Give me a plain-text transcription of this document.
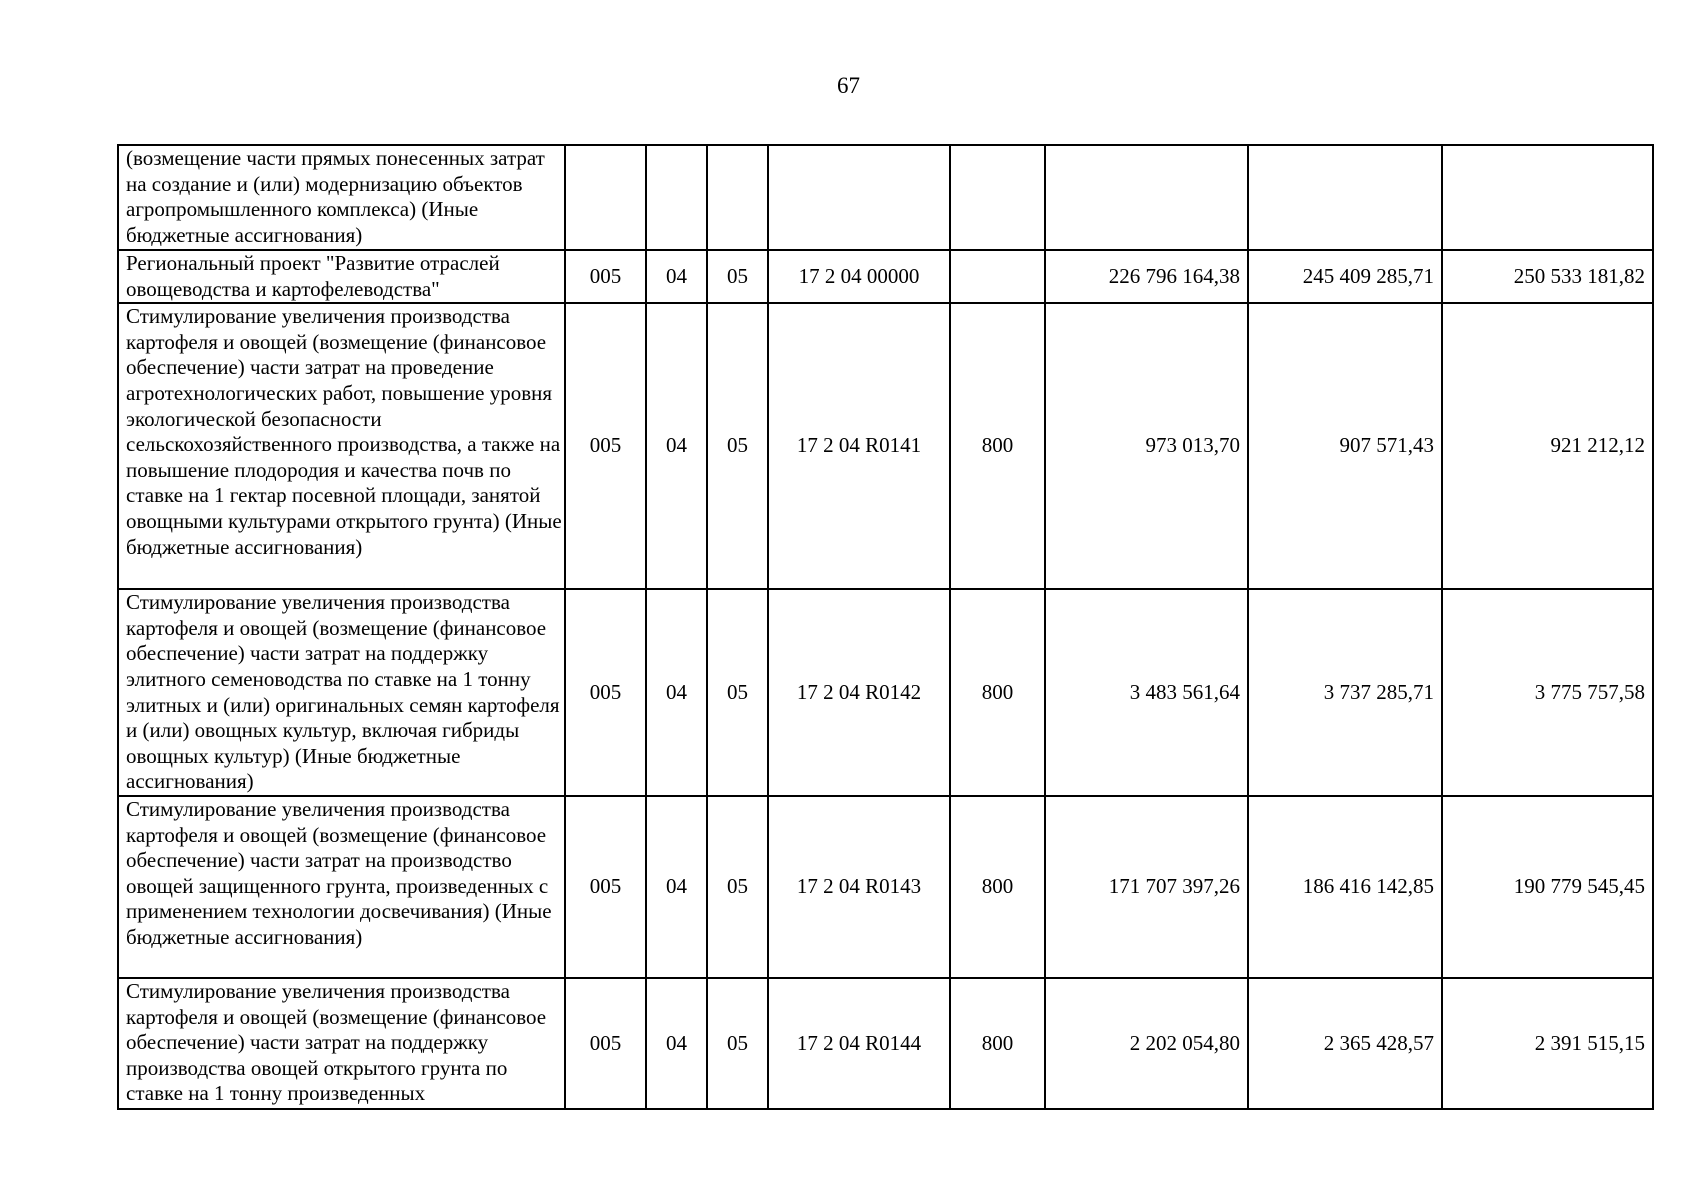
67
(возмещение части прямых понесенных затрат на создание и (или) модернизацию объектов агропромышленного комплекса) (Иные бюджетные ассигнования)								
Региональный проект "Развитие отраслей овощеводства и картофелеводства"	005	04	05	17 2 04 00000		226 796 164,38	245 409 285,71	250 533 181,82
Стимулирование увеличения производства картофеля и овощей (возмещение (финансовое обеспечение) части затрат на проведение агротехнологических работ, повышение уровня экологической безопасности сельскохозяйственного производства, а также на повышение плодородия и качества почв по ставке на 1 гектар посевной площади, занятой овощными культурами открытого грунта) (Иные бюджетные ассигнования)	005	04	05	17 2 04 R0141	800	973 013,70	907 571,43	921 212,12
Стимулирование увеличения производства картофеля и овощей (возмещение (финансовое обеспечение) части затрат на поддержку элитного семеноводства по ставке на 1 тонну элитных и (или) оригинальных семян картофеля и (или) овощных культур, включая гибриды овощных культур) (Иные бюджетные ассигнования)	005	04	05	17 2 04 R0142	800	3 483 561,64	3 737 285,71	3 775 757,58
Стимулирование увеличения производства картофеля и овощей (возмещение (финансовое обеспечение) части затрат на производство овощей защищенного грунта, произведенных с применением технологии досвечивания) (Иные бюджетные ассигнования)	005	04	05	17 2 04 R0143	800	171 707 397,26	186 416 142,85	190 779 545,45
Стимулирование увеличения производства картофеля и овощей (возмещение (финансовое обеспечение) части затрат на поддержку производства овощей открытого грунта по ставке на 1 тонну произведенных	005	04	05	17 2 04 R0144	800	2 202 054,80	2 365 428,57	2 391 515,15
